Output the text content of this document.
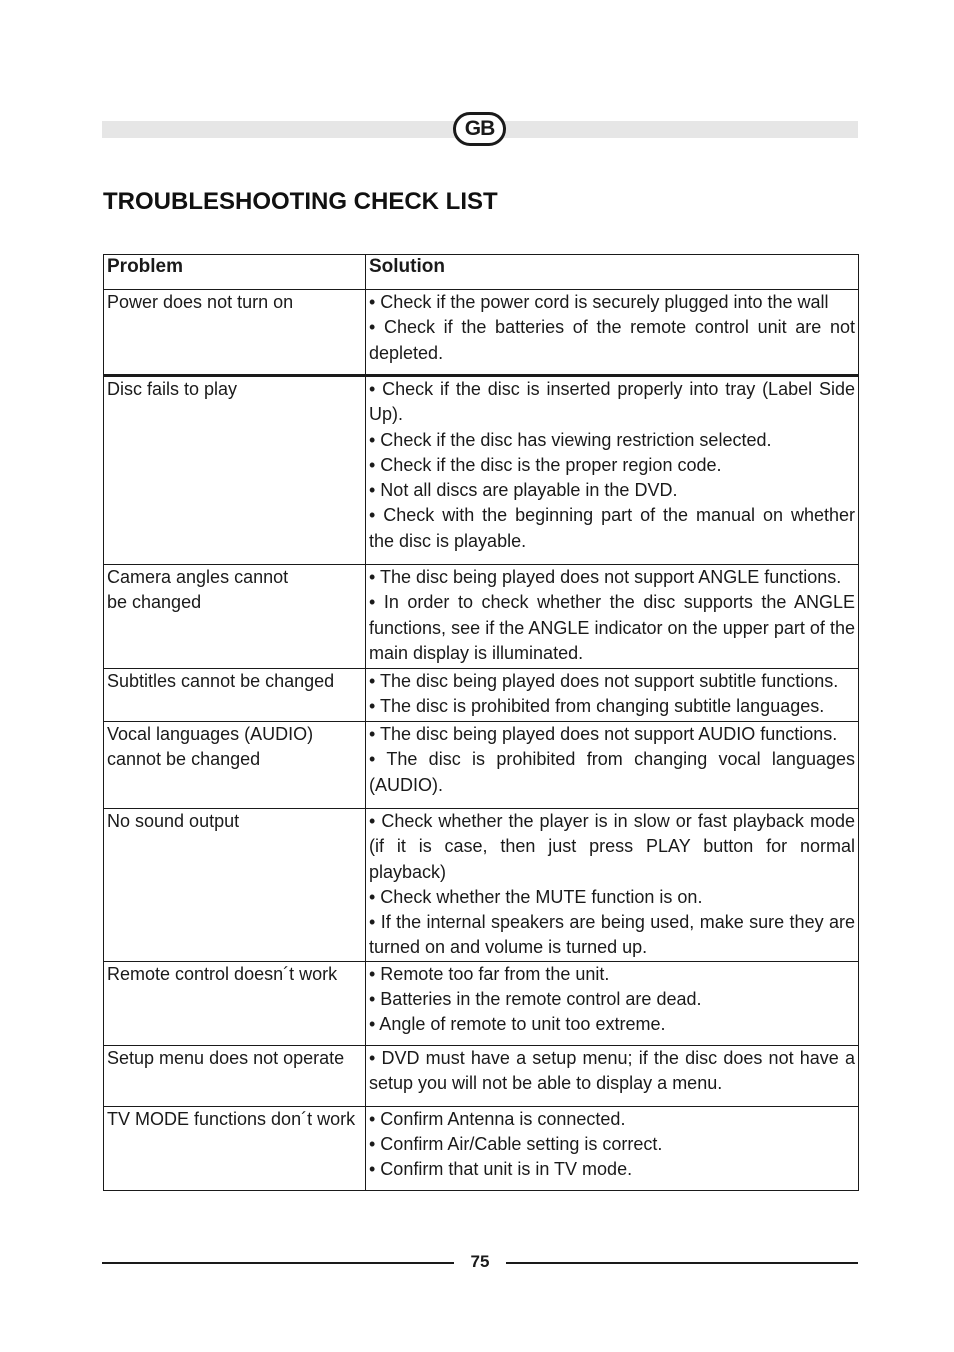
GB
TROUBLESHOOTING CHECK LIST
Problem	Solution
Power does not turn on	• Check if the power cord is securely plugged into the wall
• Check if the batteries of the remote control unit are not depleted.

Disc fails to play	• Check if the disc is inserted properly into tray (Label Side Up).
• Check if the disc has viewing restriction selected.
• Check if the disc is the proper region code.
• Not all discs are playable in the DVD.
• Check with the beginning part of the manual on whether the disc is playable.

Camera angles cannot
be changed	• The disc being played does not support ANGLE functions.
• In order to check whether the disc supports the ANGLE functions, see if the ANGLE indicator on the upper part of the main display is illuminated.

Subtitles cannot be changed	• The disc being played does not support subtitle functions.
• The disc is prohibited from changing subtitle languages.

Vocal languages (AUDIO)
cannot be changed	• The disc being played does not support AUDIO functions.
• The disc is prohibited from changing vocal languages (AUDIO).

No sound output	• Check whether the player is in slow or fast playback mode (if it is case, then just press PLAY button for normal playback)
• Check whether the MUTE function is on.
• If the internal speakers are being used, make sure they are turned on and volume is turned up.

Remote control doesn´t work	• Remote too far from the unit.
• Batteries in the remote control are dead.
• Angle of remote to unit too extreme.

Setup menu does not operate	• DVD must have a setup menu; if the disc does not have a setup you will not be able to display a menu.

TV MODE functions don´t work	• Confirm Antenna is connected.
• Confirm Air/Cable setting is correct.
• Confirm that unit is in TV mode.
75
